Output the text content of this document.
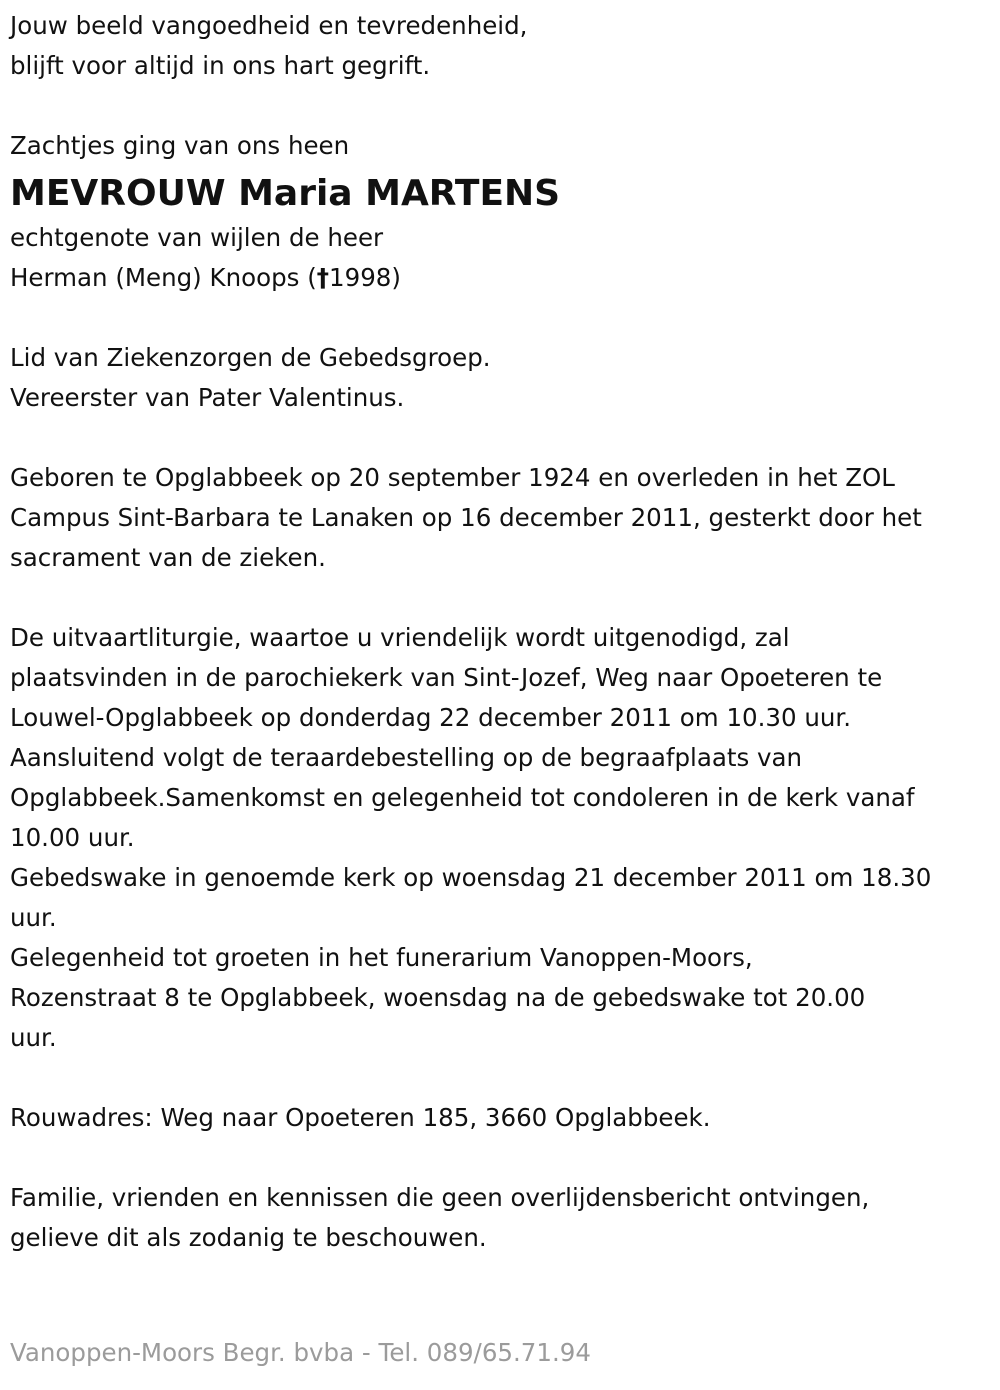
Jouw beeld vangoedheid en tevredenheid,
blijft voor altijd in ons hart gegrift.
Zachtjes ging van ons heen
MEVROUW Maria MARTENS
echtgenote van wijlen de heer
Herman (Meng) Knoops (†1998)
Lid van Ziekenzorgen de Gebedsgroep.
Vereerster van Pater Valentinus.
Geboren te Opglabbeek op 20 september 1924 en overleden in het ZOL
Campus Sint-Barbara te Lanaken op 16 december 2011, gesterkt door het
sacrament van de zieken.
De uitvaartliturgie, waartoe u vriendelijk wordt uitgenodigd, zal
plaatsvinden in de parochiekerk van Sint-Jozef, Weg naar Opoeteren te
Louwel-Opglabbeek op donderdag 22 december 2011 om 10.30 uur.
Aansluitend volgt de teraardebestelling op de begraafplaats van
Opglabbeek.Samenkomst en gelegenheid tot condoleren in de kerk vanaf
10.00 uur.
Gebedswake in genoemde kerk op woensdag 21 december 2011 om 18.30
uur.
Gelegenheid tot groeten in het funerarium Vanoppen-Moors,
Rozenstraat 8 te Opglabbeek, woensdag na de gebedswake tot 20.00
uur.
Rouwadres: Weg naar Opoeteren 185, 3660 Opglabbeek.
Familie, vrienden en kennissen die geen overlijdensbericht ontvingen,
gelieve dit als zodanig te beschouwen.
Vanoppen-Moors Begr. bvba - Tel. 089/65.71.94
